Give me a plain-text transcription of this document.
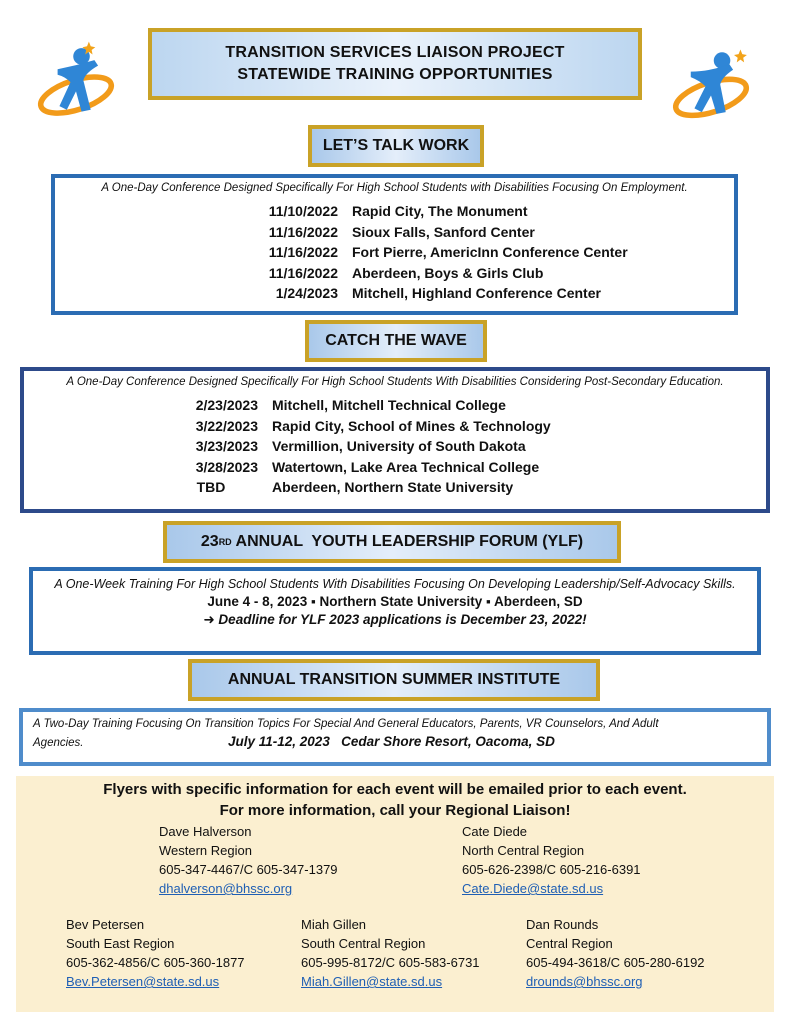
TRANSITION SERVICES LIAISON PROJECT
STATEWIDE TRAINING OPPORTUNITIES
LET’S TALK WORK
A One-Day Conference Designed Specifically For High School Students with Disabilities Focusing On Employment.
11/10/2022	Rapid City, The Monument
11/16/2022	Sioux Falls, Sanford Center
11/16/2022	Fort Pierre, AmericInn Conference Center
11/16/2022	Aberdeen, Boys & Girls Club
1/24/2023	Mitchell, Highland Conference Center
CATCH THE WAVE
A One-Day Conference Designed Specifically For High School Students With Disabilities Considering Post-Secondary Education.
2/23/2023	Mitchell, Mitchell Technical College
3/22/2023	Rapid City, School of Mines & Technology
3/23/2023	Vermillion, University of South Dakota
3/28/2023	Watertown, Lake Area Technical College
TBD	Aberdeen, Northern State University
23 RD ANNUAL  YOUTH LEADERSHIP FORUM (YLF)
A One-Week Training For High School Students With Disabilities Focusing On Developing Leadership/Self-Advocacy Skills.
June 4 - 8, 2023 ▪ Northern State University ▪ Aberdeen, SD
➜ Deadline for YLF 2023 applications is December 23, 2022!
ANNUAL TRANSITION SUMMER INSTITUTE
A Two-Day Training Focusing On Transition Topics For Special And General Educators, Parents, VR Counselors, And Adult
Agencies.	July 11-12, 2023   Cedar Shore Resort, Oacoma, SD
Flyers with specific information for each event will be emailed prior to each event.
For more information, call your Regional Liaison!
Dave Halverson
Western Region
605-347-4467/C 605-347-1379
dhalverson@bhssc.org
Cate Diede
North Central Region
605-626-2398/C 605-216-6391
Cate.Diede@state.sd.us
Bev Petersen
South East Region
605-362-4856/C 605-360-1877
Bev.Petersen@state.sd.us
Miah Gillen
South Central Region
605-995-8172/C 605-583-6731
Miah.Gillen@state.sd.us
Dan Rounds
Central Region
605-494-3618/C 605-280-6192
drounds@bhssc.org
